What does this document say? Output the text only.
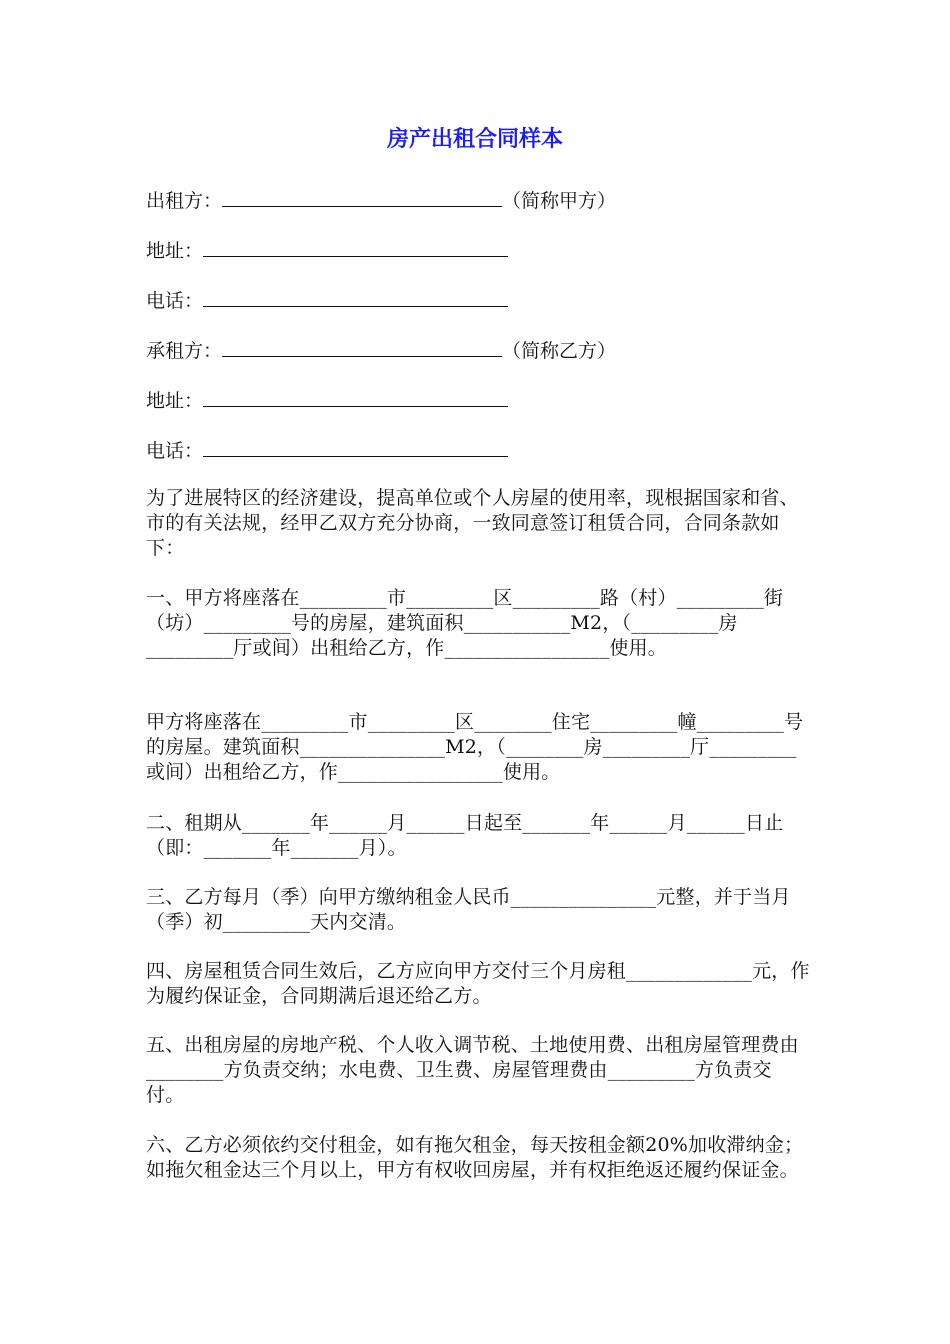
房产出租合同样本
出租方：	（简称甲方）
地址：
电话：
承租方：	（简称乙方）
地址：
电话：

为了进展特区的经济建设，提高单位或个人房屋的使用率，现根据国家和省、市的有关法规，经甲乙双方充分协商，一致同意签订租赁合同，合同条款如下：

一、甲方将座落在_________市_________区_________路（村）_________街（坊）_________号的房屋，建筑面积___________M2，（_________房_________厅或间）出租给乙方，作_________________使用。

甲方将座落在_________市_________区________住宅_________幢_________号的房屋。建筑面积_______________M2，（________房_________厅_________或间）出租给乙方，作_________________使用。

二、租期从_______年______月______日起至_______年______月______日止（即：_______年_______月）。

三、乙方每月（季）向甲方缴纳租金人民币_______________元整，并于当月（季）初_________天内交清。

四、房屋租赁合同生效后，乙方应向甲方交付三个月房租_____________元，作为履约保证金，合同期满后退还给乙方。

五、出租房屋的房地产税、个人收入调节税、土地使用费、出租房屋管理费由________方负责交纳；水电费、卫生费、房屋管理费由_________方负责交付。

六、乙方必须依约交付租金，如有拖欠租金，每天按租金额20%加收滞纳金；如拖欠租金达三个月以上，甲方有权收回房屋，并有权拒绝返还履约保证金。
